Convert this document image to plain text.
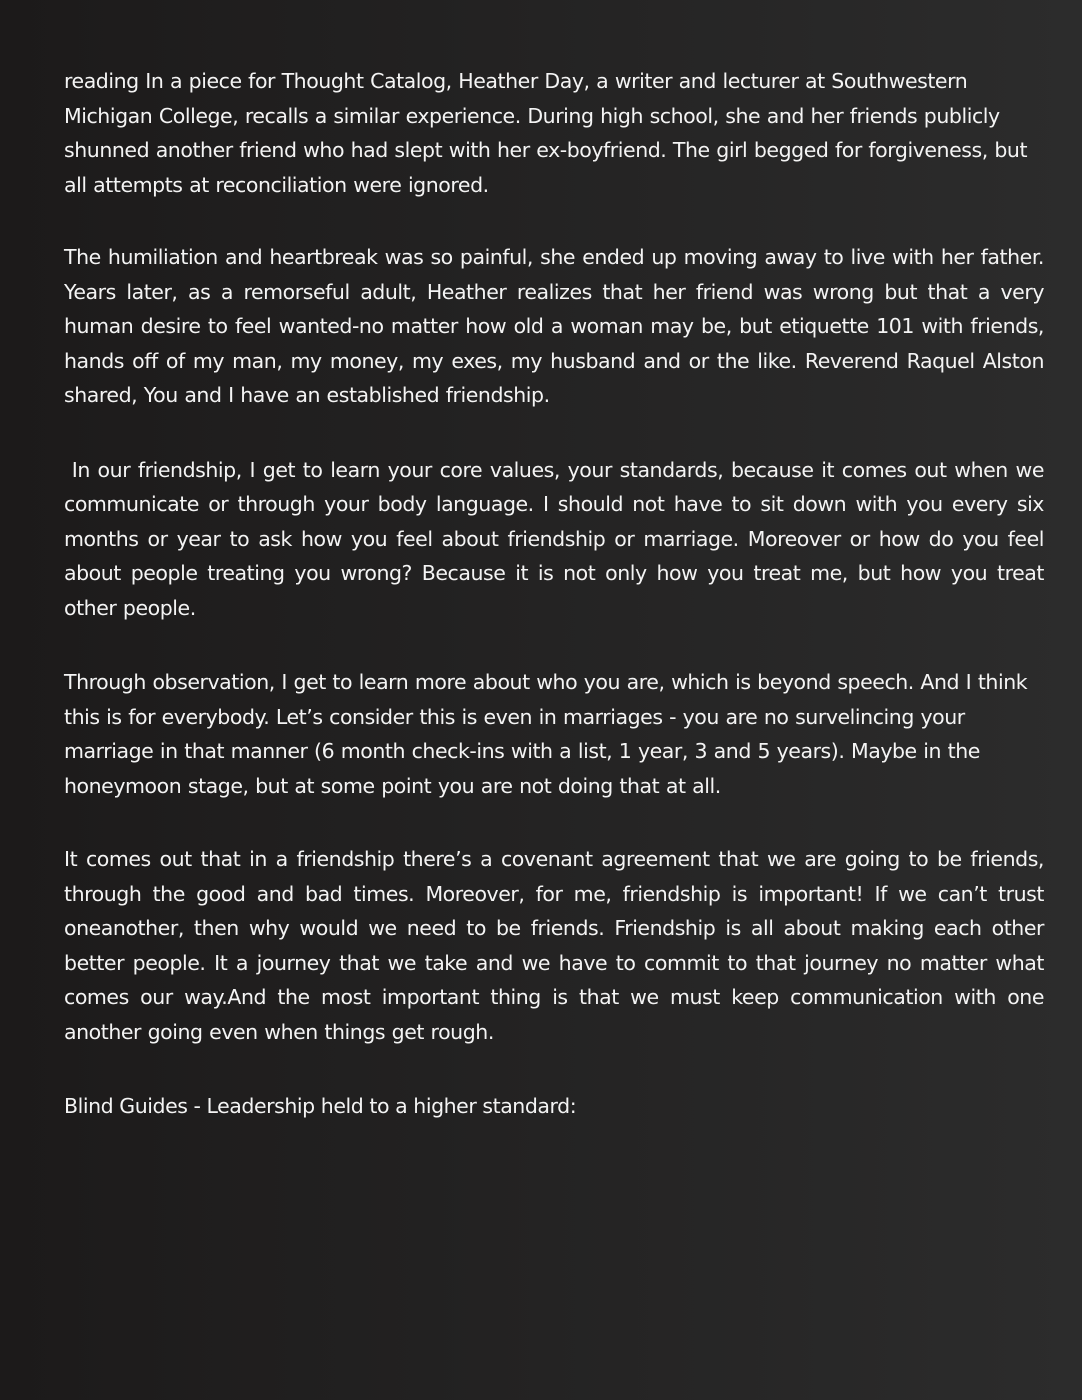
reading In a piece for Thought Catalog, Heather Day, a writer and lecturer at Southwestern Michigan College, recalls a similar experience. During high school, she and her friends publicly shunned another friend who had slept with her ex-boyfriend. The girl begged for forgiveness, but all attempts at reconciliation were ignored.

The humiliation and heartbreak was so painful, she ended up moving away to live with her father. Years later, as a remorseful adult, Heather realizes that her friend was wrong but that a very human desire to feel wanted-no matter how old a woman may be, but etiquette 101 with friends, hands off of my man, my money, my exes, my husband and or the like. Reverend Raquel Alston shared, You and I have an established friendship.

In our friendship, I get to learn your core values, your standards, because it comes out when we communicate or through your body language. I should not have to sit down with you every six months or year to ask how you feel about friendship or marriage. Moreover or how do you feel about people treating you wrong? Because it is not only how you treat me, but how you treat other people.

Through observation, I get to learn more about who you are, which is beyond speech. And I think this is for everybody. Let’s consider this is even in marriages - you are no survelincing your marriage in that manner (6 month check-ins with a list, 1 year, 3 and 5 years). Maybe in the honeymoon stage, but at some point you are not doing that at all.

It comes out that in a friendship there’s a covenant agreement that we are going to be friends, through the good and bad times. Moreover, for me, friendship is important! If we can’t trust oneanother, then why would we need to be friends. Friendship is all about making each other better people. It a journey that we take and we have to commit to that journey no matter what comes our way.And the most important thing is that we must keep communication with one another going even when things get rough.

Blind Guides - Leadership held to a higher standard:
